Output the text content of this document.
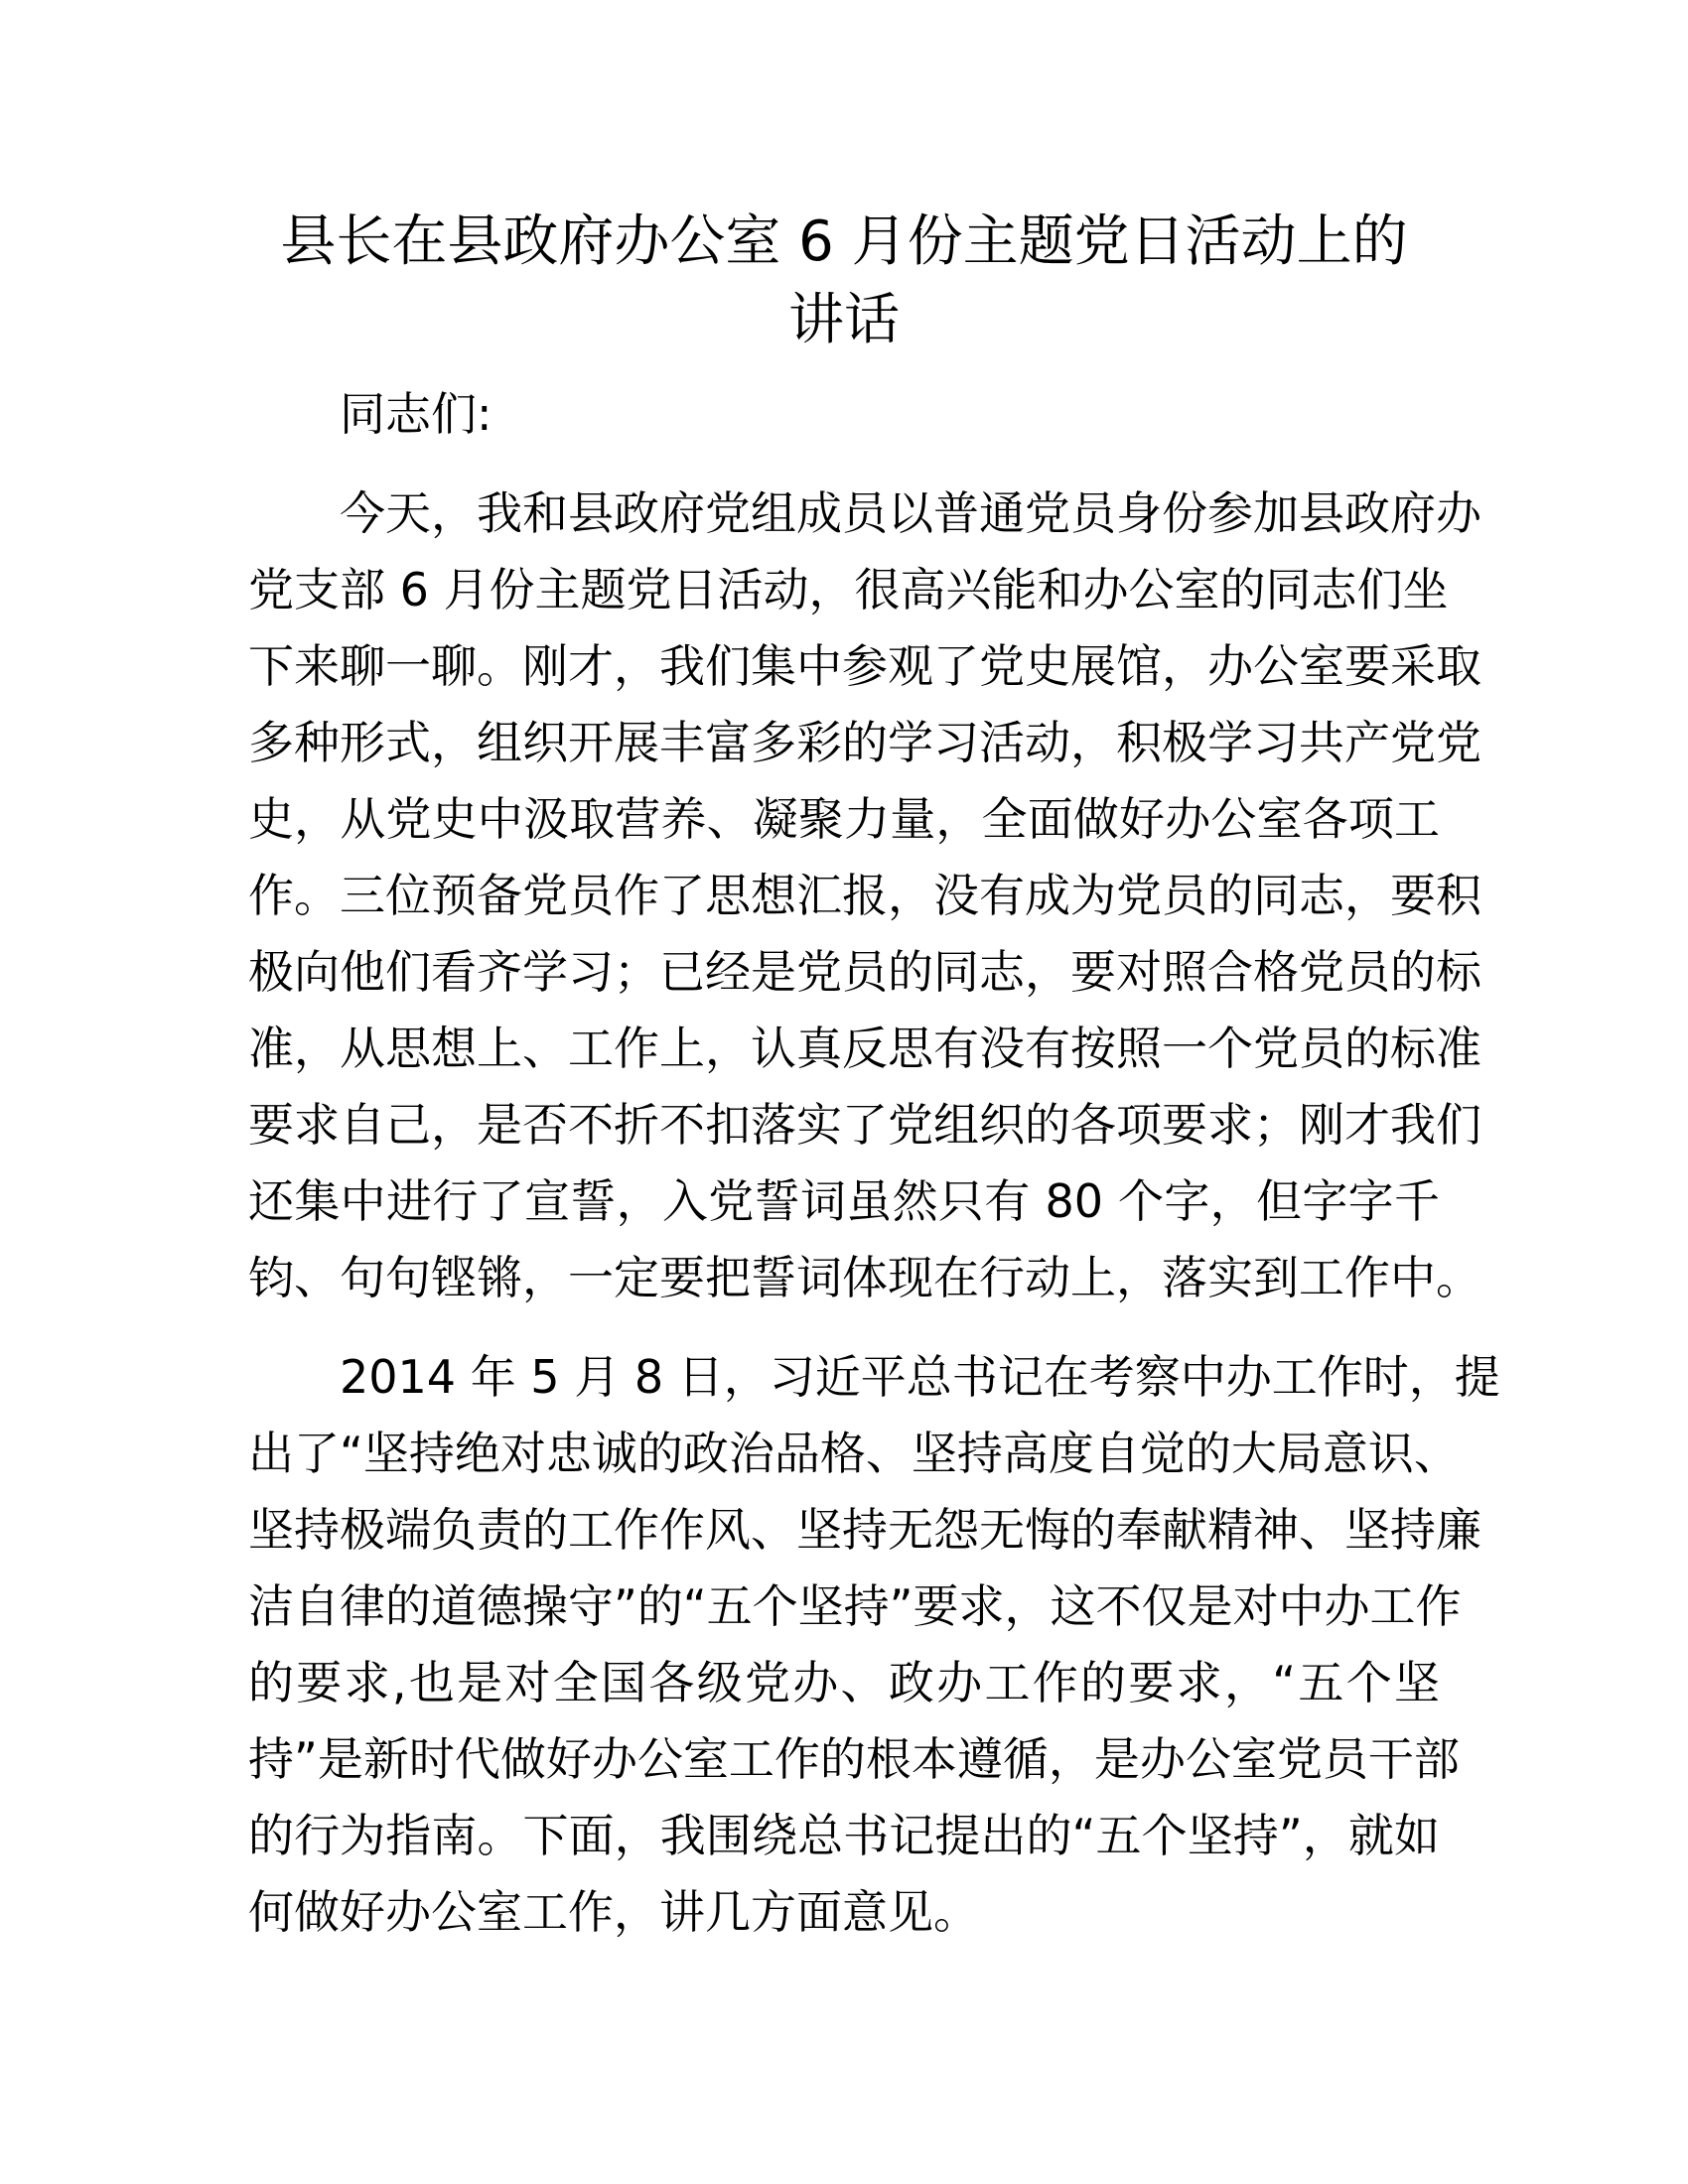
县长在县政府办公室 6 月份主题党日活动上的
讲话
同志们:
今天，我和县政府党组成员以普通党员身份参加县政府办
党支部 6 月份主题党日活动，很高兴能和办公室的同志们坐
下来聊一聊。刚才，我们集中参观了党史展馆，办公室要采取
多种形式，组织开展丰富多彩的学习活动，积极学习共产党党
史，从党史中汲取营养、凝聚力量，全面做好办公室各项工
作。三位预备党员作了思想汇报，没有成为党员的同志，要积
极向他们看齐学习；已经是党员的同志，要对照合格党员的标
准，从思想上、工作上，认真反思有没有按照一个党员的标准
要求自己，是否不折不扣落实了党组织的各项要求；刚才我们
还集中进行了宣誓，入党誓词虽然只有 80 个字，但字字千
钧、句句铿锵，一定要把誓词体现在行动上，落实到工作中。
2014 年 5 月 8 日，习近平总书记在考察中办工作时，提
出了“坚持绝对忠诚的政治品格、坚持高度自觉的大局意识、
坚持极端负责的工作作风、坚持无怨无悔的奉献精神、坚持廉
洁自律的道德操守”的“五个坚持”要求，这不仅是对中办工作
的要求,也是对全国各级党办、政办工作的要求，“五个坚
持”是新时代做好办公室工作的根本遵循，是办公室党员干部
的行为指南。下面，我围绕总书记提出的“五个坚持”，就如
何做好办公室工作，讲几方面意见。
